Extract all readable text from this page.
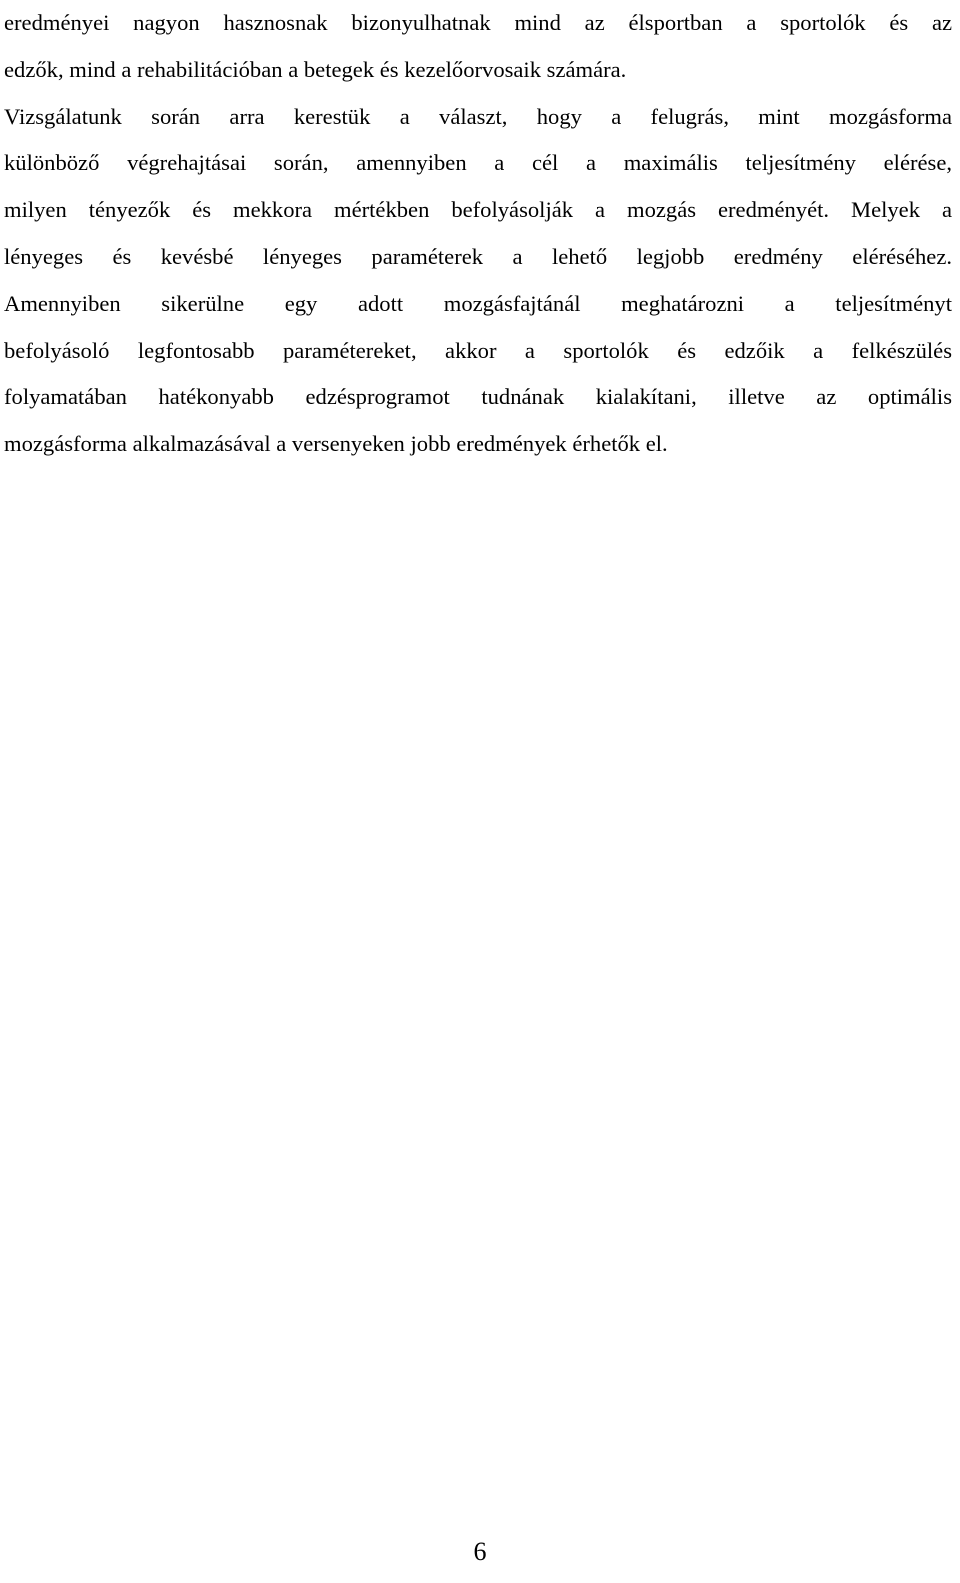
eredményei nagyon hasznosnak bizonyulhatnak mind az élsportban a sportolók és az
edzők, mind a rehabilitációban a betegek és kezelőorvosaik számára.

Vizsgálatunk során arra kerestük a választ, hogy a felugrás, mint mozgásforma
különböző végrehajtásai során, amennyiben a cél a maximális teljesítmény elérése,
milyen tényezők és mekkora mértékben befolyásolják a mozgás eredményét. Melyek a
lényeges és kevésbé lényeges paraméterek a lehető legjobb eredmény eléréséhez.
Amennyiben sikerülne egy adott mozgásfajtánál meghatározni a teljesítményt
befolyásoló legfontosabb paramétereket, akkor a sportolók és edzőik a felkészülés
folyamatában hatékonyabb edzésprogramot tudnának kialakítani, illetve az optimális
mozgásforma alkalmazásával a versenyeken jobb eredmények érhetők el.

6
